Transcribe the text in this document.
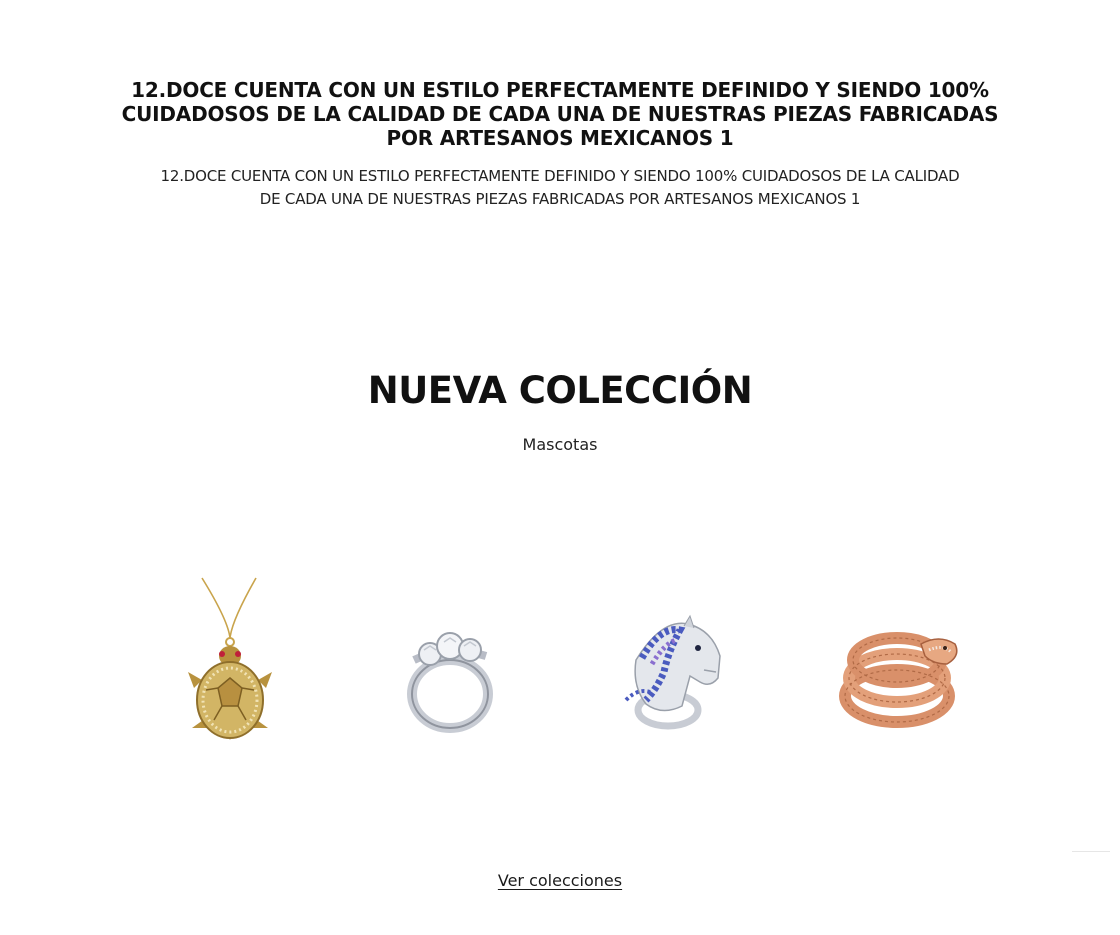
12.DOCE CUENTA CON UN ESTILO PERFECTAMENTE DEFINIDO Y SIENDO 100% CUIDADOSOS DE LA CALIDAD DE CADA UNA DE NUESTRAS PIEZAS FABRICADAS POR ARTESANOS MEXICANOS 1

12.DOCE CUENTA CON UN ESTILO PERFECTAMENTE DEFINIDO Y SIENDO 100% CUIDADOSOS DE LA CALIDAD DE CADA UNA DE NUESTRAS PIEZAS FABRICADAS POR ARTESANOS MEXICANOS 1

NUEVA COLECCIÓN
Mascotas
Ver colecciones
